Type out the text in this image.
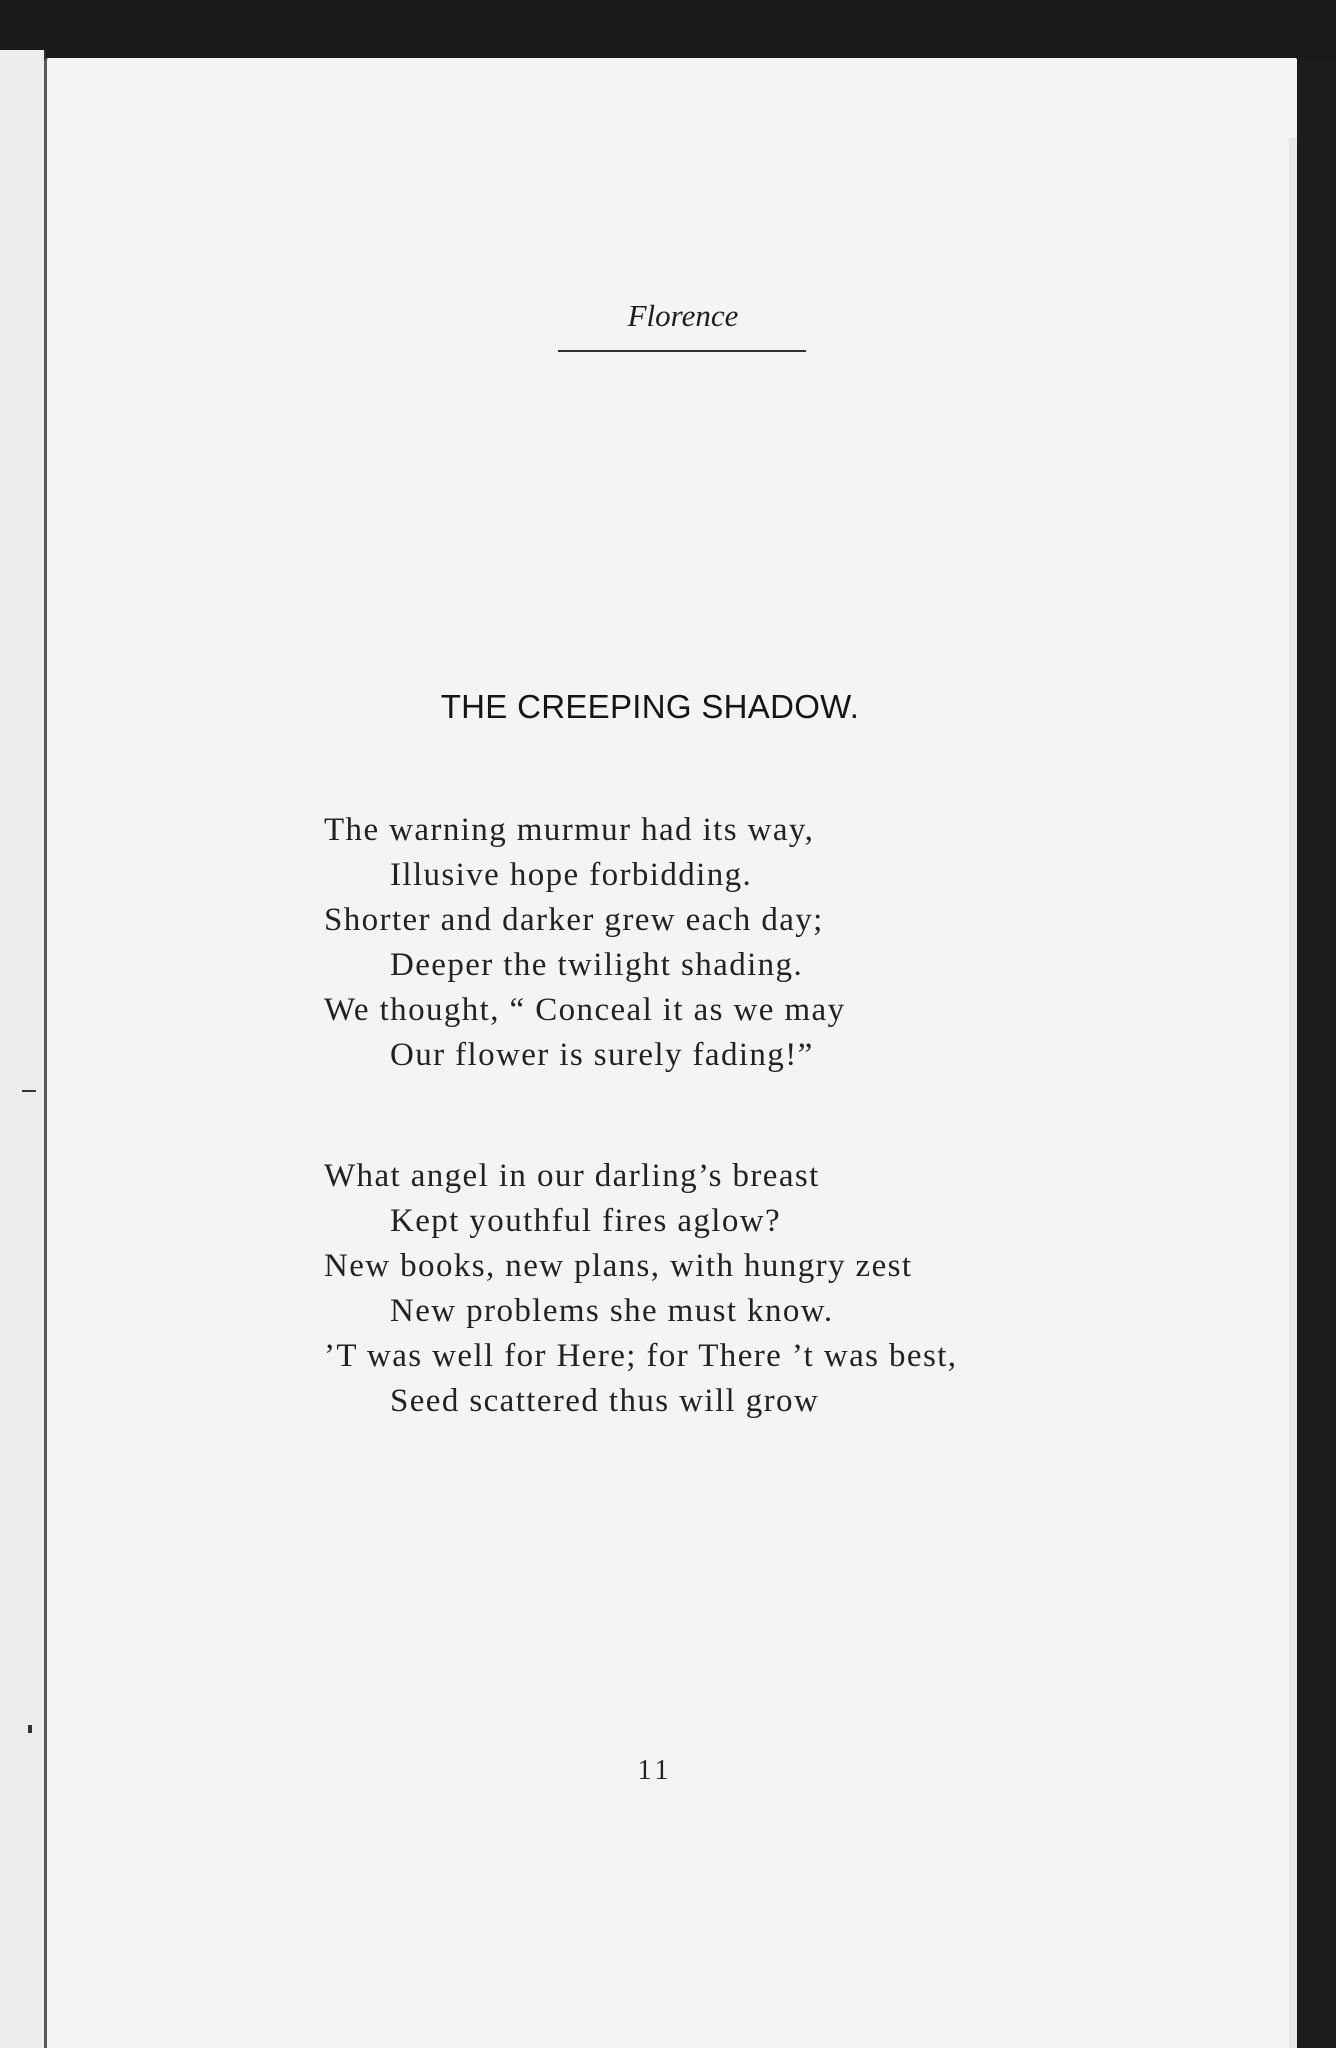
Florence
THE CREEPING SHADOW.
The warning murmur had its way,
Illusive hope forbidding.
Shorter and darker grew each day;
Deeper the twilight shading.
We thought, “ Conceal it as we may
Our flower is surely fading!”
What angel in our darling’s breast
Kept youthful fires aglow?
New books, new plans, with hungry zest
New problems she must know.
’T was well for Here; for There ’t was best,
Seed scattered thus will grow
11
